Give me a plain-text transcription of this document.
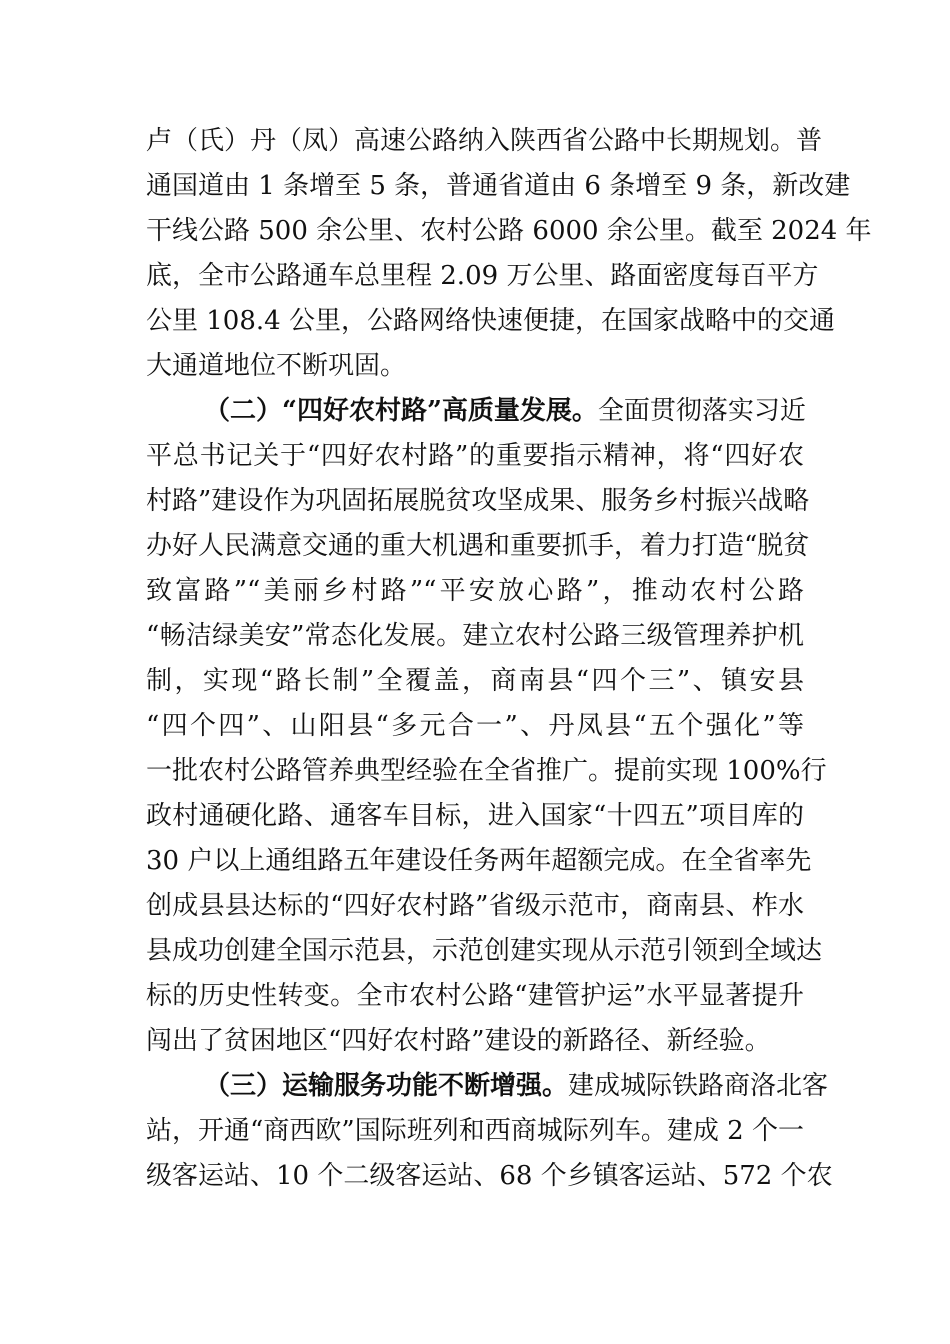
卢（氏）丹（凤）高速公路纳入陕西省公路中长期规划。普
通国道由 1 条增至 5 条，普通省道由 6 条增至 9 条，新改建
干线公路 500 余公里、农村公路 6000 余公里。截至 2024 年
底，全市公路通车总里程 2.09 万公里、路面密度每百平方
公里 108.4 公里，公路网络快速便捷，在国家战略中的交通
大通道地位不断巩固。
（二）“四好农村路”高质量发展。全面贯彻落实习近
平总书记关于“四好农村路”的重要指示精神，将“四好农
村路”建设作为巩固拓展脱贫攻坚成果、服务乡村振兴战略
办好人民满意交通的重大机遇和重要抓手，着力打造“脱贫
致富路”“美丽乡村路”“平安放心路”，推动农村公路
“畅洁绿美安”常态化发展。建立农村公路三级管理养护机
制，实现“路长制”全覆盖，商南县“四个三”、镇安县
“四个四”、山阳县“多元合一”、丹凤县“五个强化”等
一批农村公路管养典型经验在全省推广。提前实现 100%行
政村通硬化路、通客车目标，进入国家“十四五”项目库的
30 户以上通组路五年建设任务两年超额完成。在全省率先
创成县县达标的“四好农村路”省级示范市，商南县、柞水
县成功创建全国示范县，示范创建实现从示范引领到全域达
标的历史性转变。全市农村公路“建管护运”水平显著提升
闯出了贫困地区“四好农村路”建设的新路径、新经验。
（三）运输服务功能不断增强。建成城际铁路商洛北客
站，开通“商西欧”国际班列和西商城际列车。建成 2 个一
级客运站、10 个二级客运站、68 个乡镇客运站、572 个农
